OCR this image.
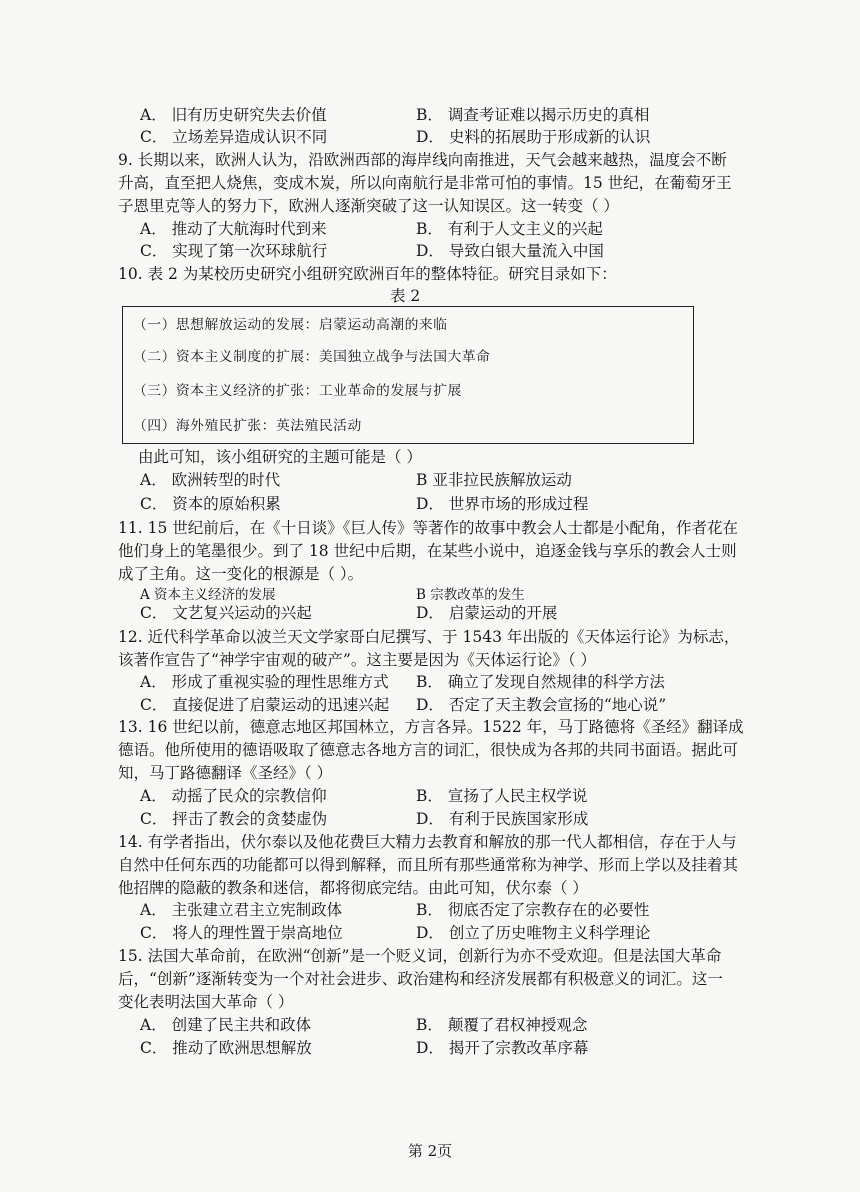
A． 旧有历史研究失去价值	B． 调查考证难以揭示历史的真相
C． 立场差异造成认识不同	D． 史料的拓展助于形成新的认识
9. 长期以来，欧洲人认为，沿欧洲西部的海岸线向南推进，天气会越来越热，温度会不断
升高，直至把人烧焦，变成木炭，所以向南航行是非常可怕的事情。15 世纪，在葡萄牙王
子恩里克等人的努力下，欧洲人逐渐突破了这一认知误区。这一转变（ ）
A． 推动了大航海时代到来	B． 有利于人文主义的兴起
C． 实现了第一次环球航行	D． 导致白银大量流入中国
10. 表 2 为某校历史研究小组研究欧洲百年的整体特征。研究目录如下：
表 2
（一）思想解放运动的发展：启蒙运动高潮的来临
（二）资本主义制度的扩展：美国独立战争与法国大革命
（三）资本主义经济的扩张：工业革命的发展与扩展
（四）海外殖民扩张：英法殖民活动
由此可知，该小组研究的主题可能是（ ）
A． 欧洲转型的时代	B 亚非拉民族解放运动
C． 资本的原始积累	D． 世界市场的形成过程
11. 15 世纪前后，在《十日谈》《巨人传》等著作的故事中教会人士都是小配角，作者花在
他们身上的笔墨很少。到了 18 世纪中后期，在某些小说中，追逐金钱与享乐的教会人士则
成了主角。这一变化的根源是（ ）。
A 资本主义经济的发展	B 宗教改革的发生
C． 文艺复兴运动的兴起	D． 启蒙运动的开展
12. 近代科学革命以波兰天文学家哥白尼撰写、于 1543 年出版的《天体运行论》为标志，
该著作宣告了“神学宇宙观的破产”。这主要是因为《天体运行论》（ ）
A． 形成了重视实验的理性思维方式 B． 确立了发现自然规律的科学方法
C． 直接促进了启蒙运动的迅速兴起 D． 否定了天主教会宣扬的“地心说”
13. 16 世纪以前，德意志地区邦国林立，方言各异。1522 年，马丁路德将《圣经》翻译成
德语。他所使用的德语吸取了德意志各地方言的词汇，很快成为各邦的共同书面语。据此可
知，马丁路德翻译《圣经》（ ）
A． 动摇了民众的宗教信仰	B． 宣扬了人民主权学说
C． 抨击了教会的贪婪虚伪	D． 有利于民族国家形成
14. 有学者指出，伏尔泰以及他花费巨大精力去教育和解放的那一代人都相信，存在于人与
自然中任何东西的功能都可以得到解释，而且所有那些通常称为神学、形而上学以及挂着其
他招牌的隐蔽的教条和迷信，都将彻底完结。由此可知，伏尔泰（ ）
A． 主张建立君主立宪制政体	B． 彻底否定了宗教存在的必要性
C． 将人的理性置于崇高地位	D． 创立了历史唯物主义科学理论
15. 法国大革命前，在欧洲“创新”是一个贬义词，创新行为亦不受欢迎。但是法国大革命
后，“创新”逐渐转变为一个对社会进步、政治建构和经济发展都有积极意义的词汇。这一
变化表明法国大革命（ ）
A． 创建了民主共和政体	B． 颠覆了君权神授观念
C． 推动了欧洲思想解放	D． 揭开了宗教改革序幕
第 2页
